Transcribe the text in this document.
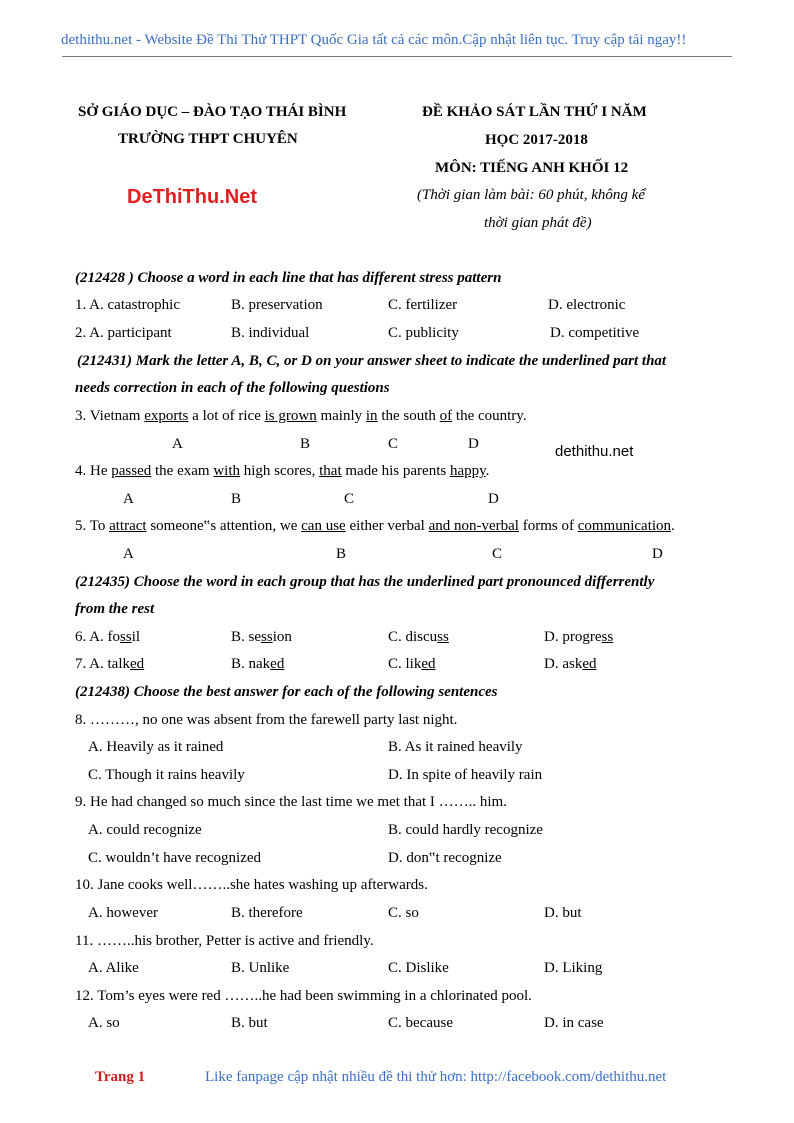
dethithu.net - Website Đề Thi Thử THPT Quốc Gia tất cả các môn.Cập nhật liên tục. Truy cập tải ngay!!
SỞ GIÁO DỤC – ĐÀO TẠO THÁI BÌNH
TRƯỜNG THPT CHUYÊN
DeThiThu.Net
ĐỀ KHẢO SÁT LẦN THỨ I NĂM
HỌC 2017-2018
MÔN: TIẾNG ANH KHỐI 12
(Thời gian làm bài: 60 phút, không kể
thời gian phát đề)
(212428 ) Choose a word in each line that has different stress pattern
1. A. catastrophic	B. preservation	C. fertilizer	D. electronic
2. A. participant	B. individual	C. publicity	D. competitive
(212431) Mark the letter A, B, C, or D on your answer sheet to indicate the underlined part that
needs correction in each of the following questions
3. Vietnam exports a lot of rice is grown mainly in the south of the country.
A	B	C	D	dethithu.net
4. He passed the exam with high scores, that made his parents happy.
A	B	C	D
5. To attract someone‟s attention, we can use either verbal and non-verbal forms of communication.
A	B	C	D
(212435) Choose the word in each group that has the underlined part pronounced differrently
from the rest
6. A. fossil	B. session	C. discuss	D. progress
7. A. talked	B. naked	C. liked	D. asked
(212438) Choose the best answer for each of the following sentences
8. ………, no one was absent from the farewell party last night.
A. Heavily as it rained	B. As it rained heavily
C. Though it rains heavily	D. In spite of heavily rain
9. He had changed so much since the last time we met that I …….. him.
A. could recognize	B. could hardly recognize
C. wouldn’t have recognized	D. don‟t recognize
10. Jane cooks well……..she hates washing up afterwards.
A. however	B. therefore	C. so	D. but
11. ……..his brother, Petter is active and friendly.
A. Alike	B. Unlike	C. Dislike	D. Liking
12. Tom’s eyes were red ……..he had been swimming in a chlorinated pool.
A. so	B. but	C. because	D. in case
Trang 1	Like fanpage cập nhật nhiều đề thi thử hơn: http://facebook.com/dethithu.net
